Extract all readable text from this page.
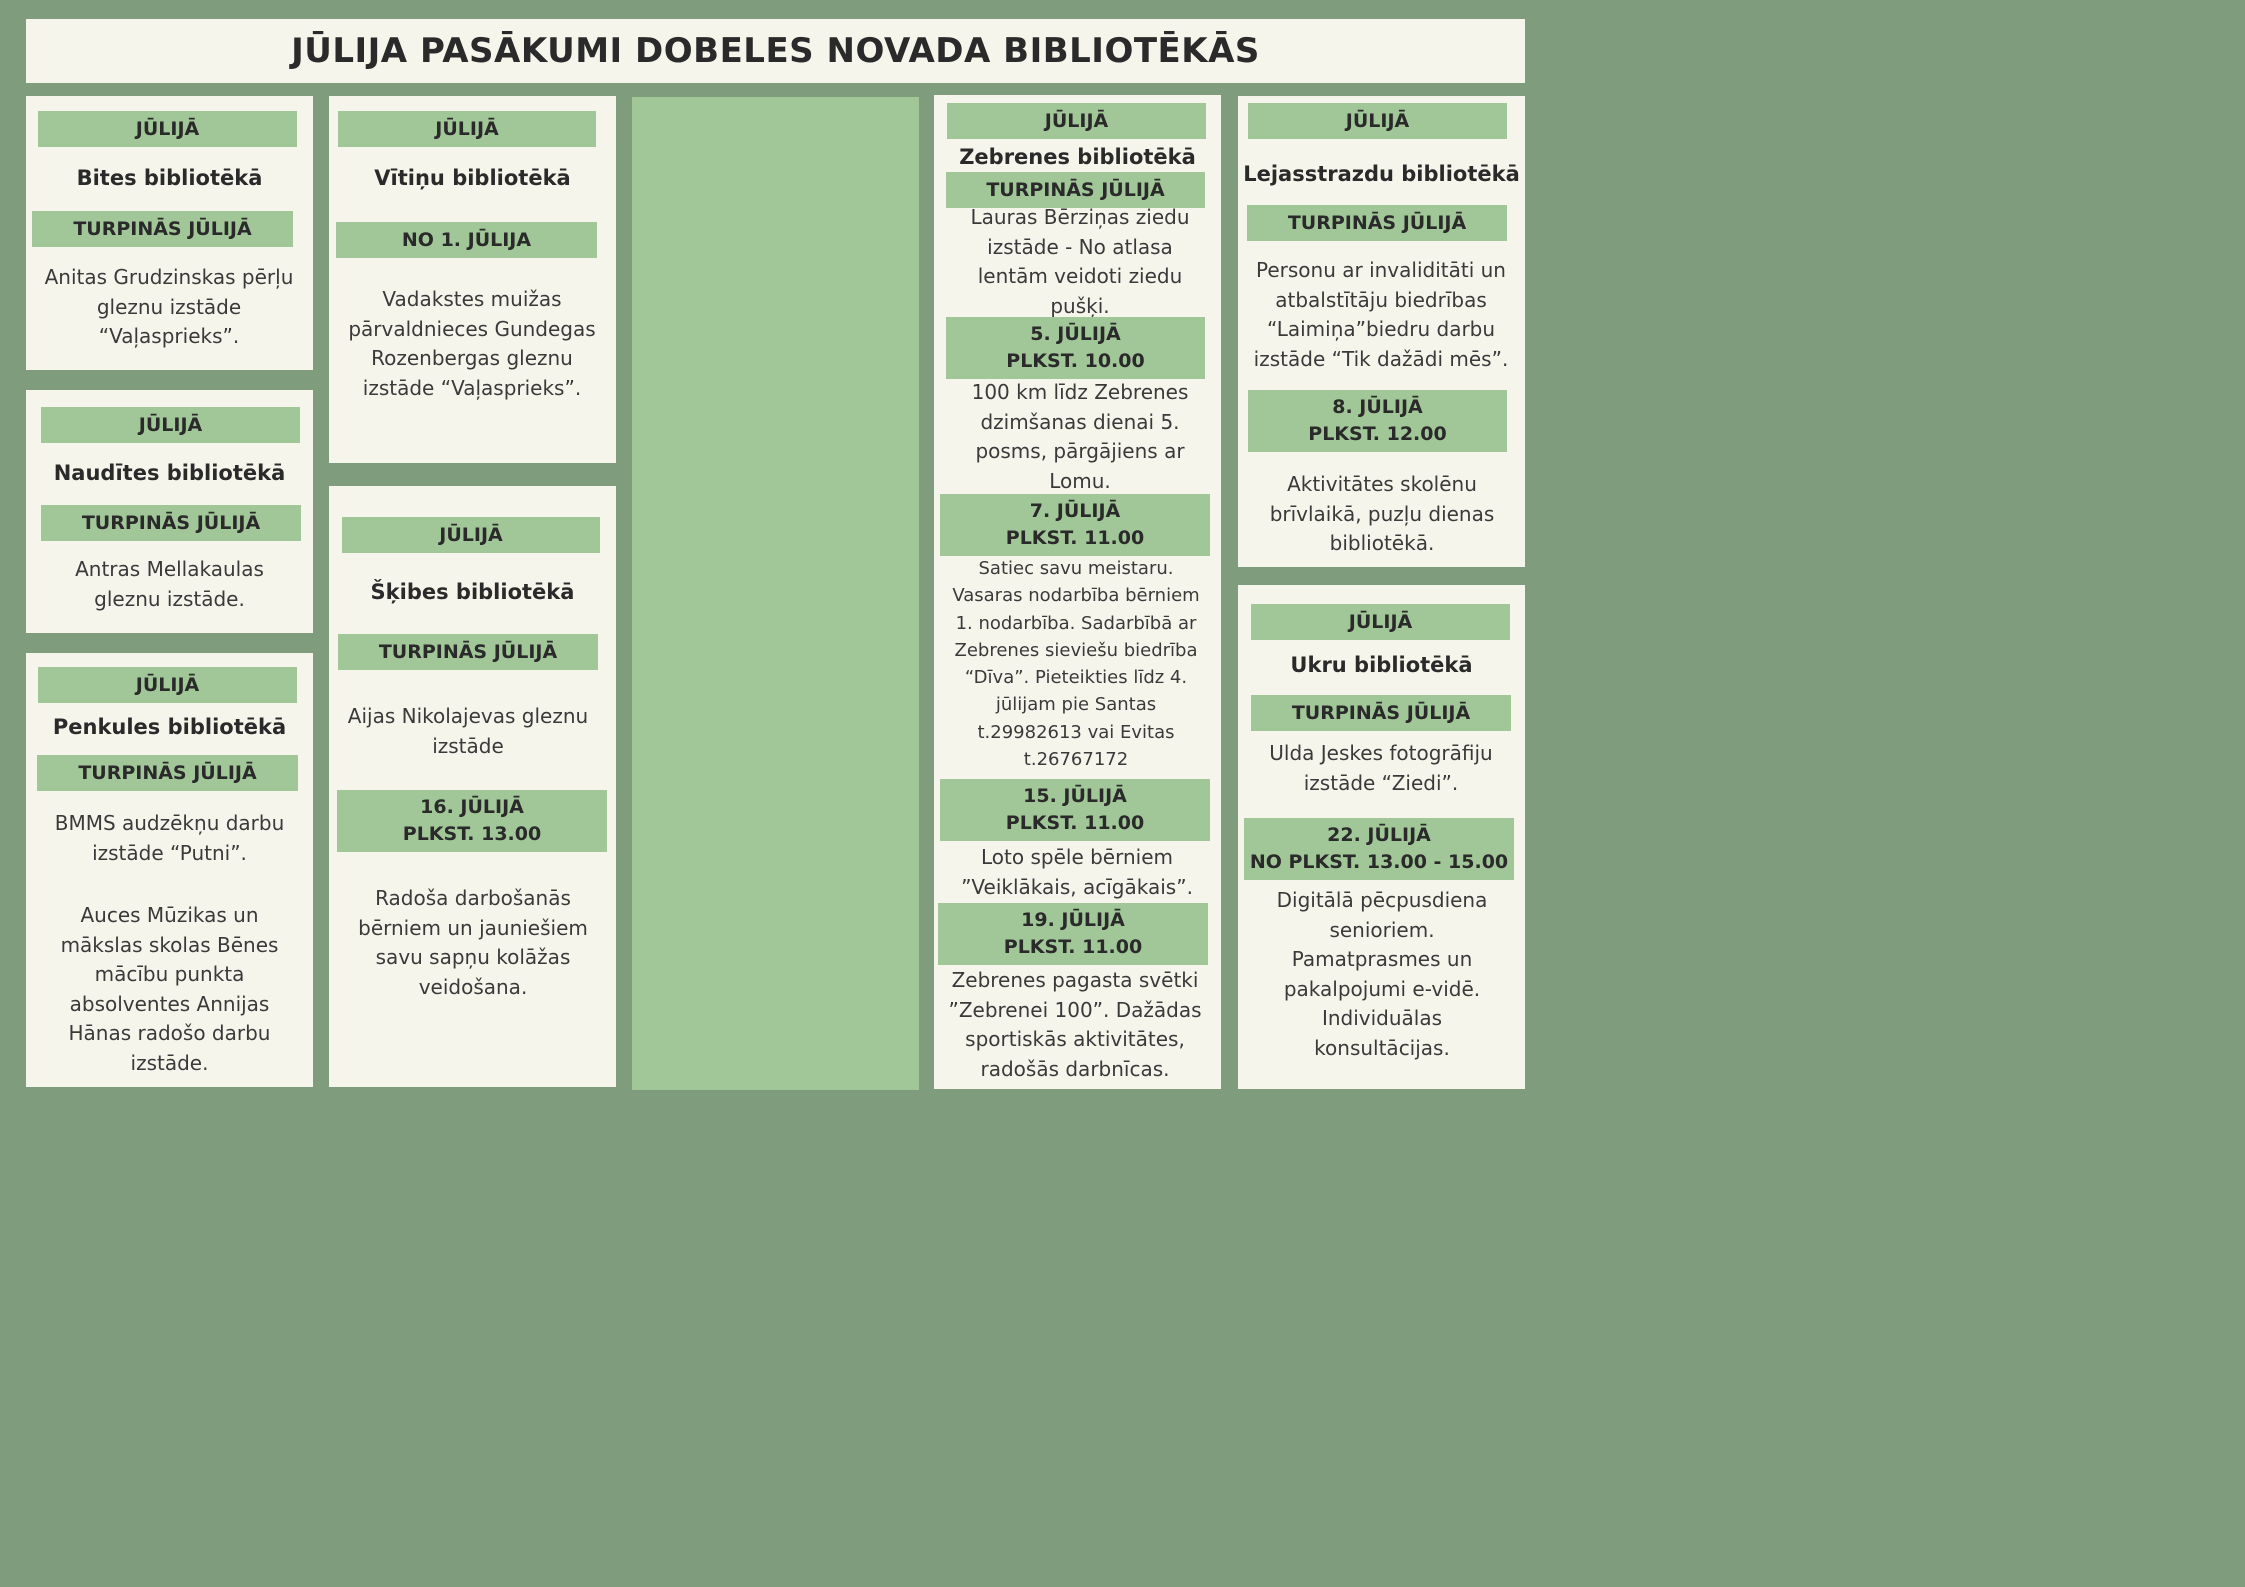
JŪLIJA PASĀKUMI DOBELES NOVADA BIBLIOTĒKĀS
JŪLIJĀ
Bites bibliotēkā
TURPINĀS JŪLIJĀ
Anitas Grudzinskas pērļu gleznu izstāde “Vaļasprieks”.
JŪLIJĀ
Naudītes bibliotēkā
TURPINĀS JŪLIJĀ
Antras Mellakaulas gleznu izstāde.
JŪLIJĀ
Penkules bibliotēkā
TURPINĀS JŪLIJĀ
BMMS audzēkņu darbu izstāde “Putni”.
Auces Mūzikas un mākslas skolas Bēnes mācību punkta absolventes Annijas Hānas radošo darbu izstāde.
JŪLIJĀ
Vītiņu bibliotēkā
NO 1. JŪLIJA
Vadakstes muižas pārvaldnieces Gundegas Rozenbergas gleznu izstāde “Vaļasprieks”.
JŪLIJĀ
Šķibes bibliotēkā
TURPINĀS JŪLIJĀ
Aijas Nikolajevas gleznu izstāde
16. JŪLIJĀ
PLKST. 13.00
Radoša darbošanās bērniem un jauniešiem savu sapņu kolāžas veidošana.
JŪLIJĀ
Zebrenes bibliotēkā
TURPINĀS JŪLIJĀ
Lauras Bērziņas ziedu izstāde - No atlasa lentām veidoti ziedu pušķi.
5. JŪLIJĀ
PLKST. 10.00
100 km līdz Zebrenes dzimšanas dienai 5. posms, pārgājiens ar Lomu.
7. JŪLIJĀ
PLKST. 11.00
Satiec savu meistaru. Vasaras nodarbība bērniem 1. nodarbība. Sadarbībā ar Zebrenes sieviešu biedrība “Dīva”. Pieteikties līdz 4. jūlijam pie Santas t.29982613 vai Evitas t.26767172
15. JŪLIJĀ
PLKST. 11.00
Loto spēle bērniem ”Veiklākais, acīgākais”.
19. JŪLIJĀ
PLKST. 11.00
Zebrenes pagasta svētki ”Zebrenei 100”. Dažādas sportiskās aktivitātes, radošās darbnīcas.
JŪLIJĀ
Lejasstrazdu bibliotēkā
TURPINĀS JŪLIJĀ
Personu ar invaliditāti un atbalstītāju biedrības “Laimiņa”biedru darbu izstāde “Tik dažādi mēs”.
8. JŪLIJĀ
PLKST. 12.00
Aktivitātes skolēnu brīvlaikā, puzļu dienas bibliotēkā.
JŪLIJĀ
Ukru bibliotēkā
TURPINĀS JŪLIJĀ
Ulda Jeskes fotogrāfiju izstāde “Ziedi”.
22. JŪLIJĀ
NO PLKST. 13.00 - 15.00
Digitālā pēcpusdiena senioriem. Pamatprasmes un pakalpojumi e-vidē. Individuālas konsultācijas.
